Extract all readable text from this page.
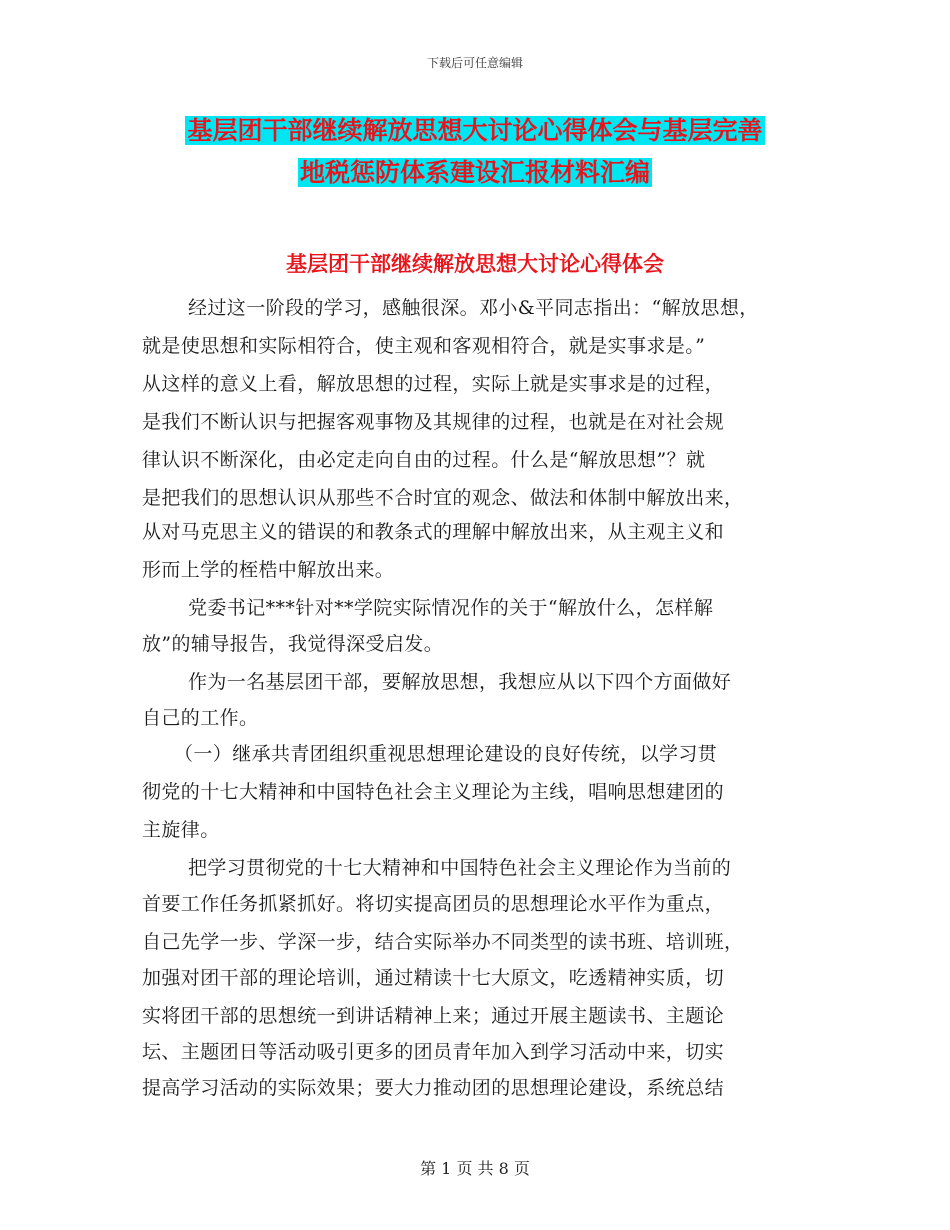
下载后可任意编辑
基层团干部继续解放思想大讨论心得体会与基层完善
地税惩防体系建设汇报材料汇编
基层团干部继续解放思想大讨论心得体会
经过这一阶段的学习，感触很深。邓小&平同志指出：“解放思想，
就是使思想和实际相符合，使主观和客观相符合，就是实事求是。”
从这样的意义上看，解放思想的过程，实际上就是实事求是的过程，
是我们不断认识与把握客观事物及其规律的过程，也就是在对社会规
律认识不断深化，由必定走向自由的过程。什么是“解放思想”？就
是把我们的思想认识从那些不合时宜的观念、做法和体制中解放出来，
从对马克思主义的错误的和教条式的理解中解放出来，从主观主义和
形而上学的桎梏中解放出来。
党委书记***针对**学院实际情况作的关于“解放什么，怎样解
放”的辅导报告，我觉得深受启发。
作为一名基层团干部，要解放思想，我想应从以下四个方面做好
自己的工作。
（一）继承共青团组织重视思想理论建设的良好传统，以学习贯
彻党的十七大精神和中国特色社会主义理论为主线，唱响思想建团的
主旋律。
把学习贯彻党的十七大精神和中国特色社会主义理论作为当前的
首要工作任务抓紧抓好。将切实提高团员的思想理论水平作为重点，
自己先学一步、学深一步，结合实际举办不同类型的读书班、培训班，
加强对团干部的理论培训，通过精读十七大原文，吃透精神实质，切
实将团干部的思想统一到讲话精神上来；通过开展主题读书、主题论
坛、主题团日等活动吸引更多的团员青年加入到学习活动中来，切实
提高学习活动的实际效果；要大力推动团的思想理论建设，系统总结
第 1 页 共 8 页
